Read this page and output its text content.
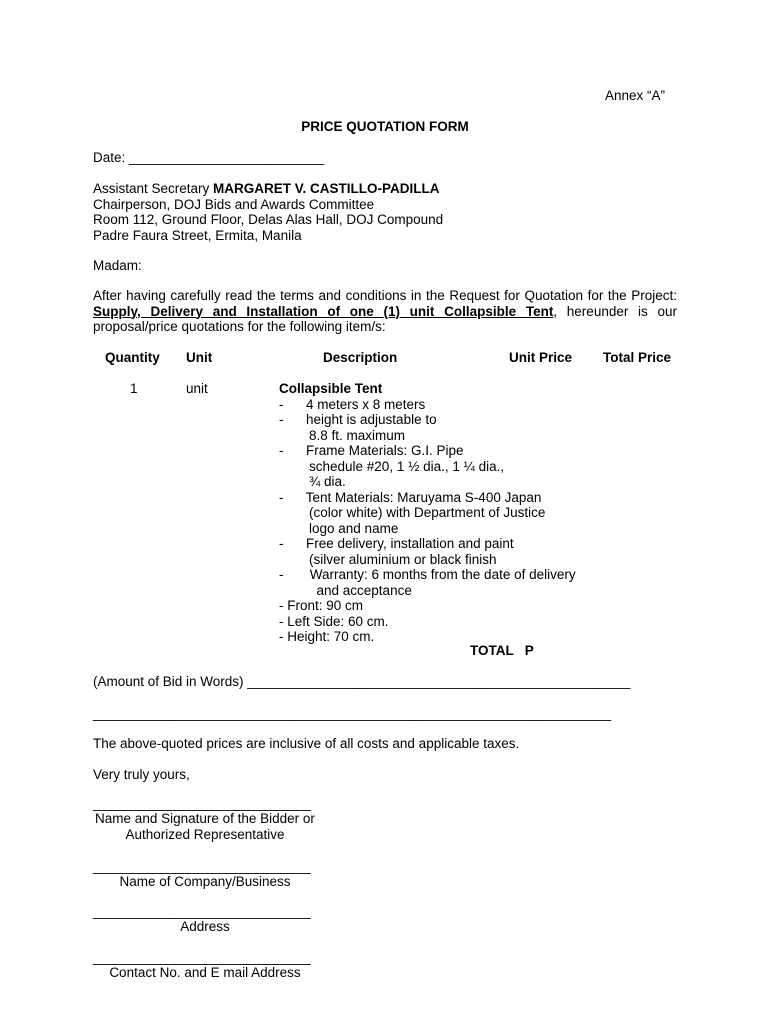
Annex “A”
PRICE QUOTATION FORM
Date: __________________________
Assistant Secretary MARGARET V. CASTILLO-PADILLA
Chairperson, DOJ Bids and Awards Committee
Room 112, Ground Floor, Delas Alas Hall, DOJ Compound
Padre Faura Street, Ermita, Manila
Madam:
After having carefully read the terms and conditions in the Request for Quotation for the Project: Supply, Delivery and Installation of one (1) unit Collapsible Tent, hereunder is our proposal/price quotations for the following item/s:
Quantity Unit	Description	Unit Price Total Price
1	unit	Collapsible Tent
-      4 meters x 8 meters
-      height is adjustable to
8.8 ft. maximum
-      Frame Materials: G.I. Pipe
schedule #20, 1 ½ dia., 1 ¼ dia.,
¾ dia.
-      Tent Materials: Maruyama S-400 Japan
(color white) with Department of Justice
logo and name
-      Free delivery, installation and paint
(silver aluminium or black finish
-       Warranty: 6 months from the date of delivery
and acceptance
- Front: 90 cm
- Left Side: 60 cm.
- Height: 70 cm.
TOTAL   P
(Amount of Bid in Words) ___________________________________________________
_____________________________________________________________________
The above-quoted prices are inclusive of all costs and applicable taxes.
Very truly yours,
_____________________________
Name and Signature of the Bidder or Authorized Representative
_____________________________
Name of Company/Business
_____________________________
Address
_____________________________
Contact No. and E mail Address
